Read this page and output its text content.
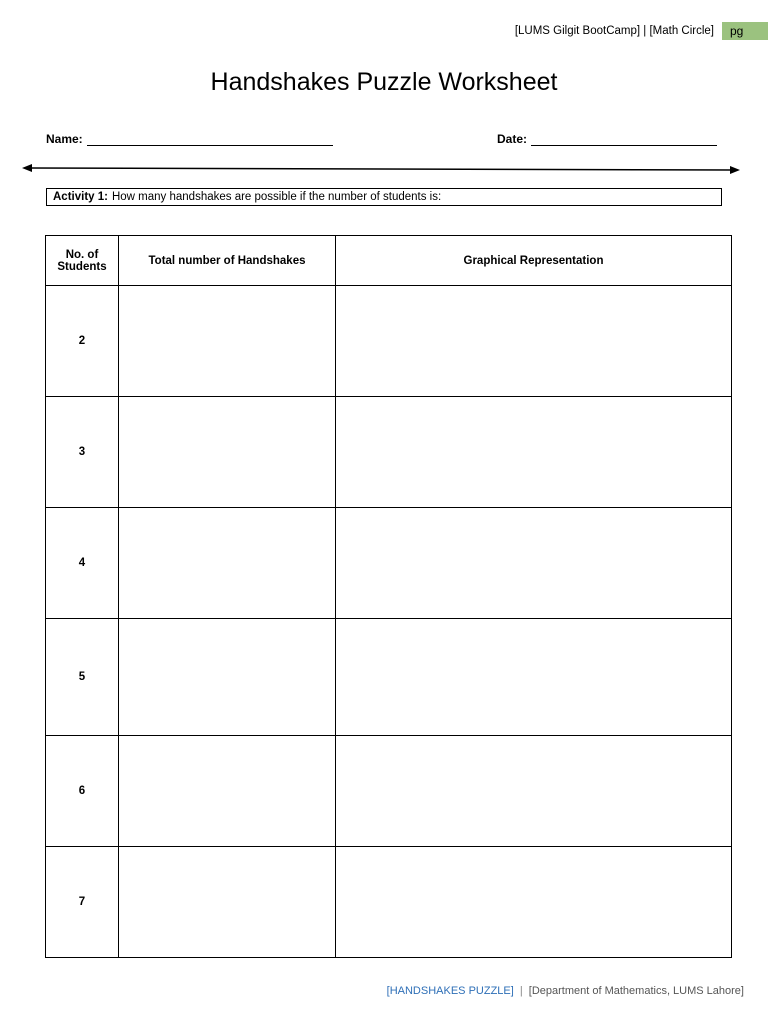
[LUMS Gilgit BootCamp] | [Math Circle]	pg
Handshakes Puzzle Worksheet
Name:	Date:
Activity 1: How many handshakes are possible if the number of students is:
No. of Students	Total number of Handshakes	Graphical Representation
2		
3		
4		
5		
6		
7		
[HANDSHAKES PUZZLE] | [Department of Mathematics, LUMS Lahore]
